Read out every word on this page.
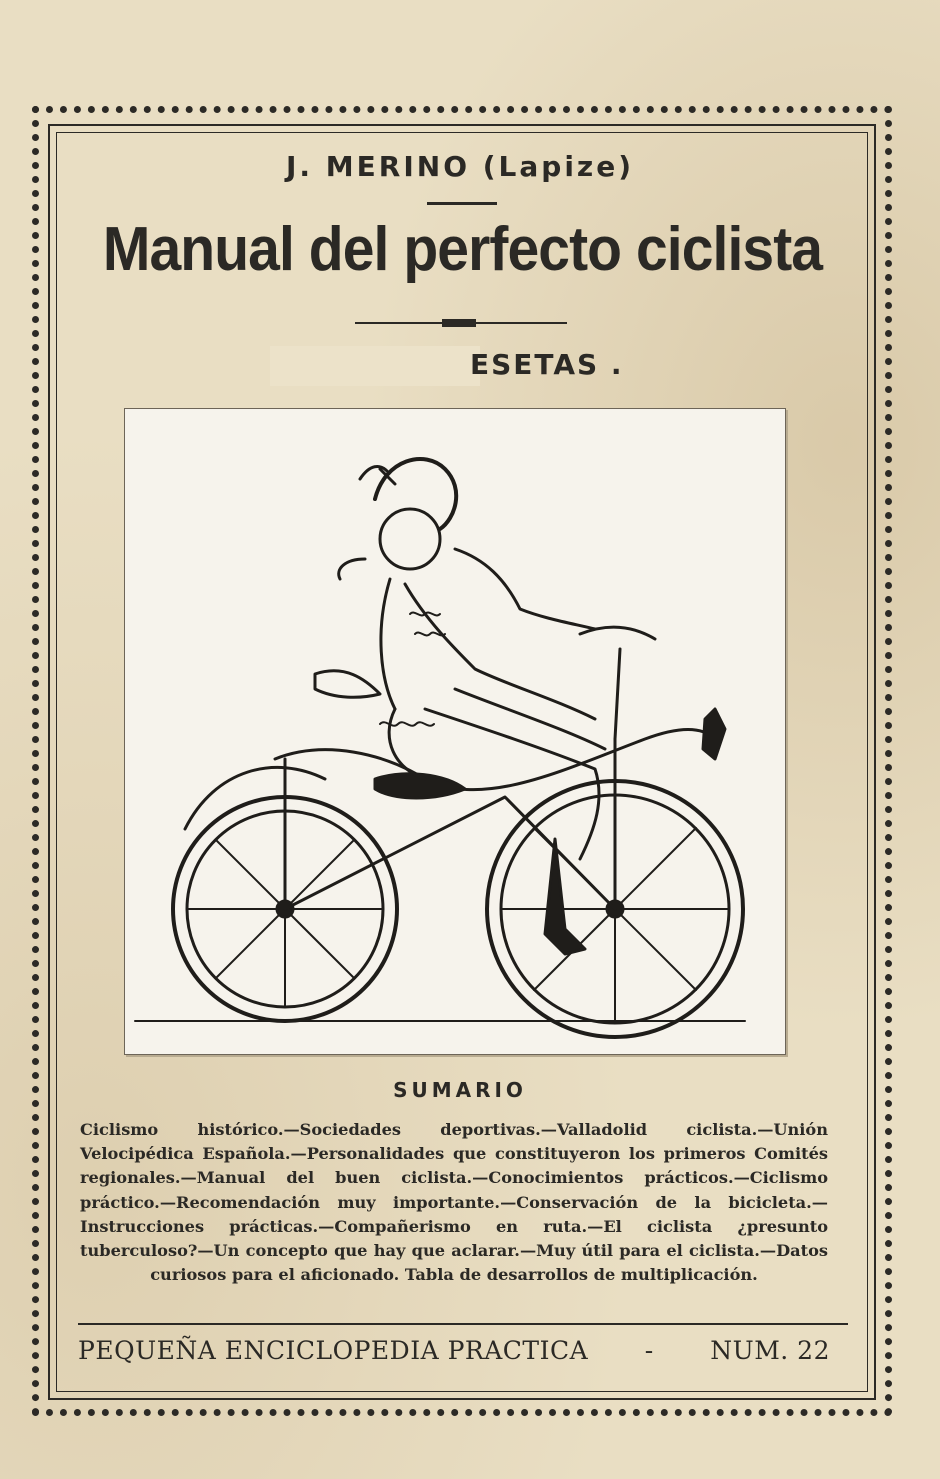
J. MERINO (Lapize)
Manual del perfecto ciclista
ESETAS .
SUMARIO
Ciclismo histórico.—Sociedades deportivas.—Valladolid ciclista.—Unión Velocipédica Española.—Personalidades que constituyeron los primeros Comités regionales.—Manual del buen ciclista.—Conocimientos prácticos.—Ciclismo práctico.—Recomendación muy importante.—Conservación de la bicicleta.—Instrucciones prácticas.—Compañerismo en ruta.—El ciclista ¿presunto tuberculoso?—Un concepto que hay que aclarar.—Muy útil para el ciclista.—Datos curiosos para el aficionado. Tabla de desarrollos de multiplicación.
PEQUEÑA ENCICLOPEDIA PRACTICA - NUM. 22
